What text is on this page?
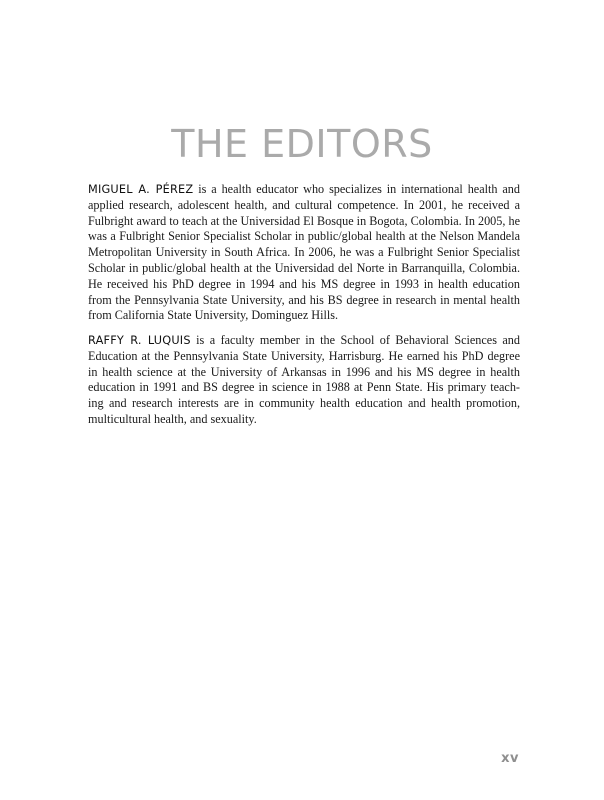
THE EDITORS

MIGUEL A. PÉREZ is a health educator who specializes in international health and applied research, adolescent health, and cultural competence. In 2001, he received a Fulbright award to teach at the Universidad El Bosque in Bogota, Colombia. In 2005, he was a Fulbright Senior Specialist Scholar in public/global health at the Nelson Mandela Metropolitan University in South Africa. In 2006, he was a Fulbright Senior Specialist Scholar in public/global health at the Universidad del Norte in Barranquilla, Colombia. He received his PhD degree in 1994 and his MS degree in 1993 in health education from the Pennsylvania State University, and his BS degree in research in mental health from California State University, Dominguez Hills.

RAFFY R. LUQUIS is a faculty member in the School of Behavioral Sciences and Education at the Pennsylvania State University, Harrisburg. He earned his PhD degree in health science at the University of Arkansas in 1996 and his MS degree in health education in 1991 and BS degree in science in 1988 at Penn State. His primary teach-ing and research interests are in community health education and health promotion, multicultural health, and sexuality.

xv
